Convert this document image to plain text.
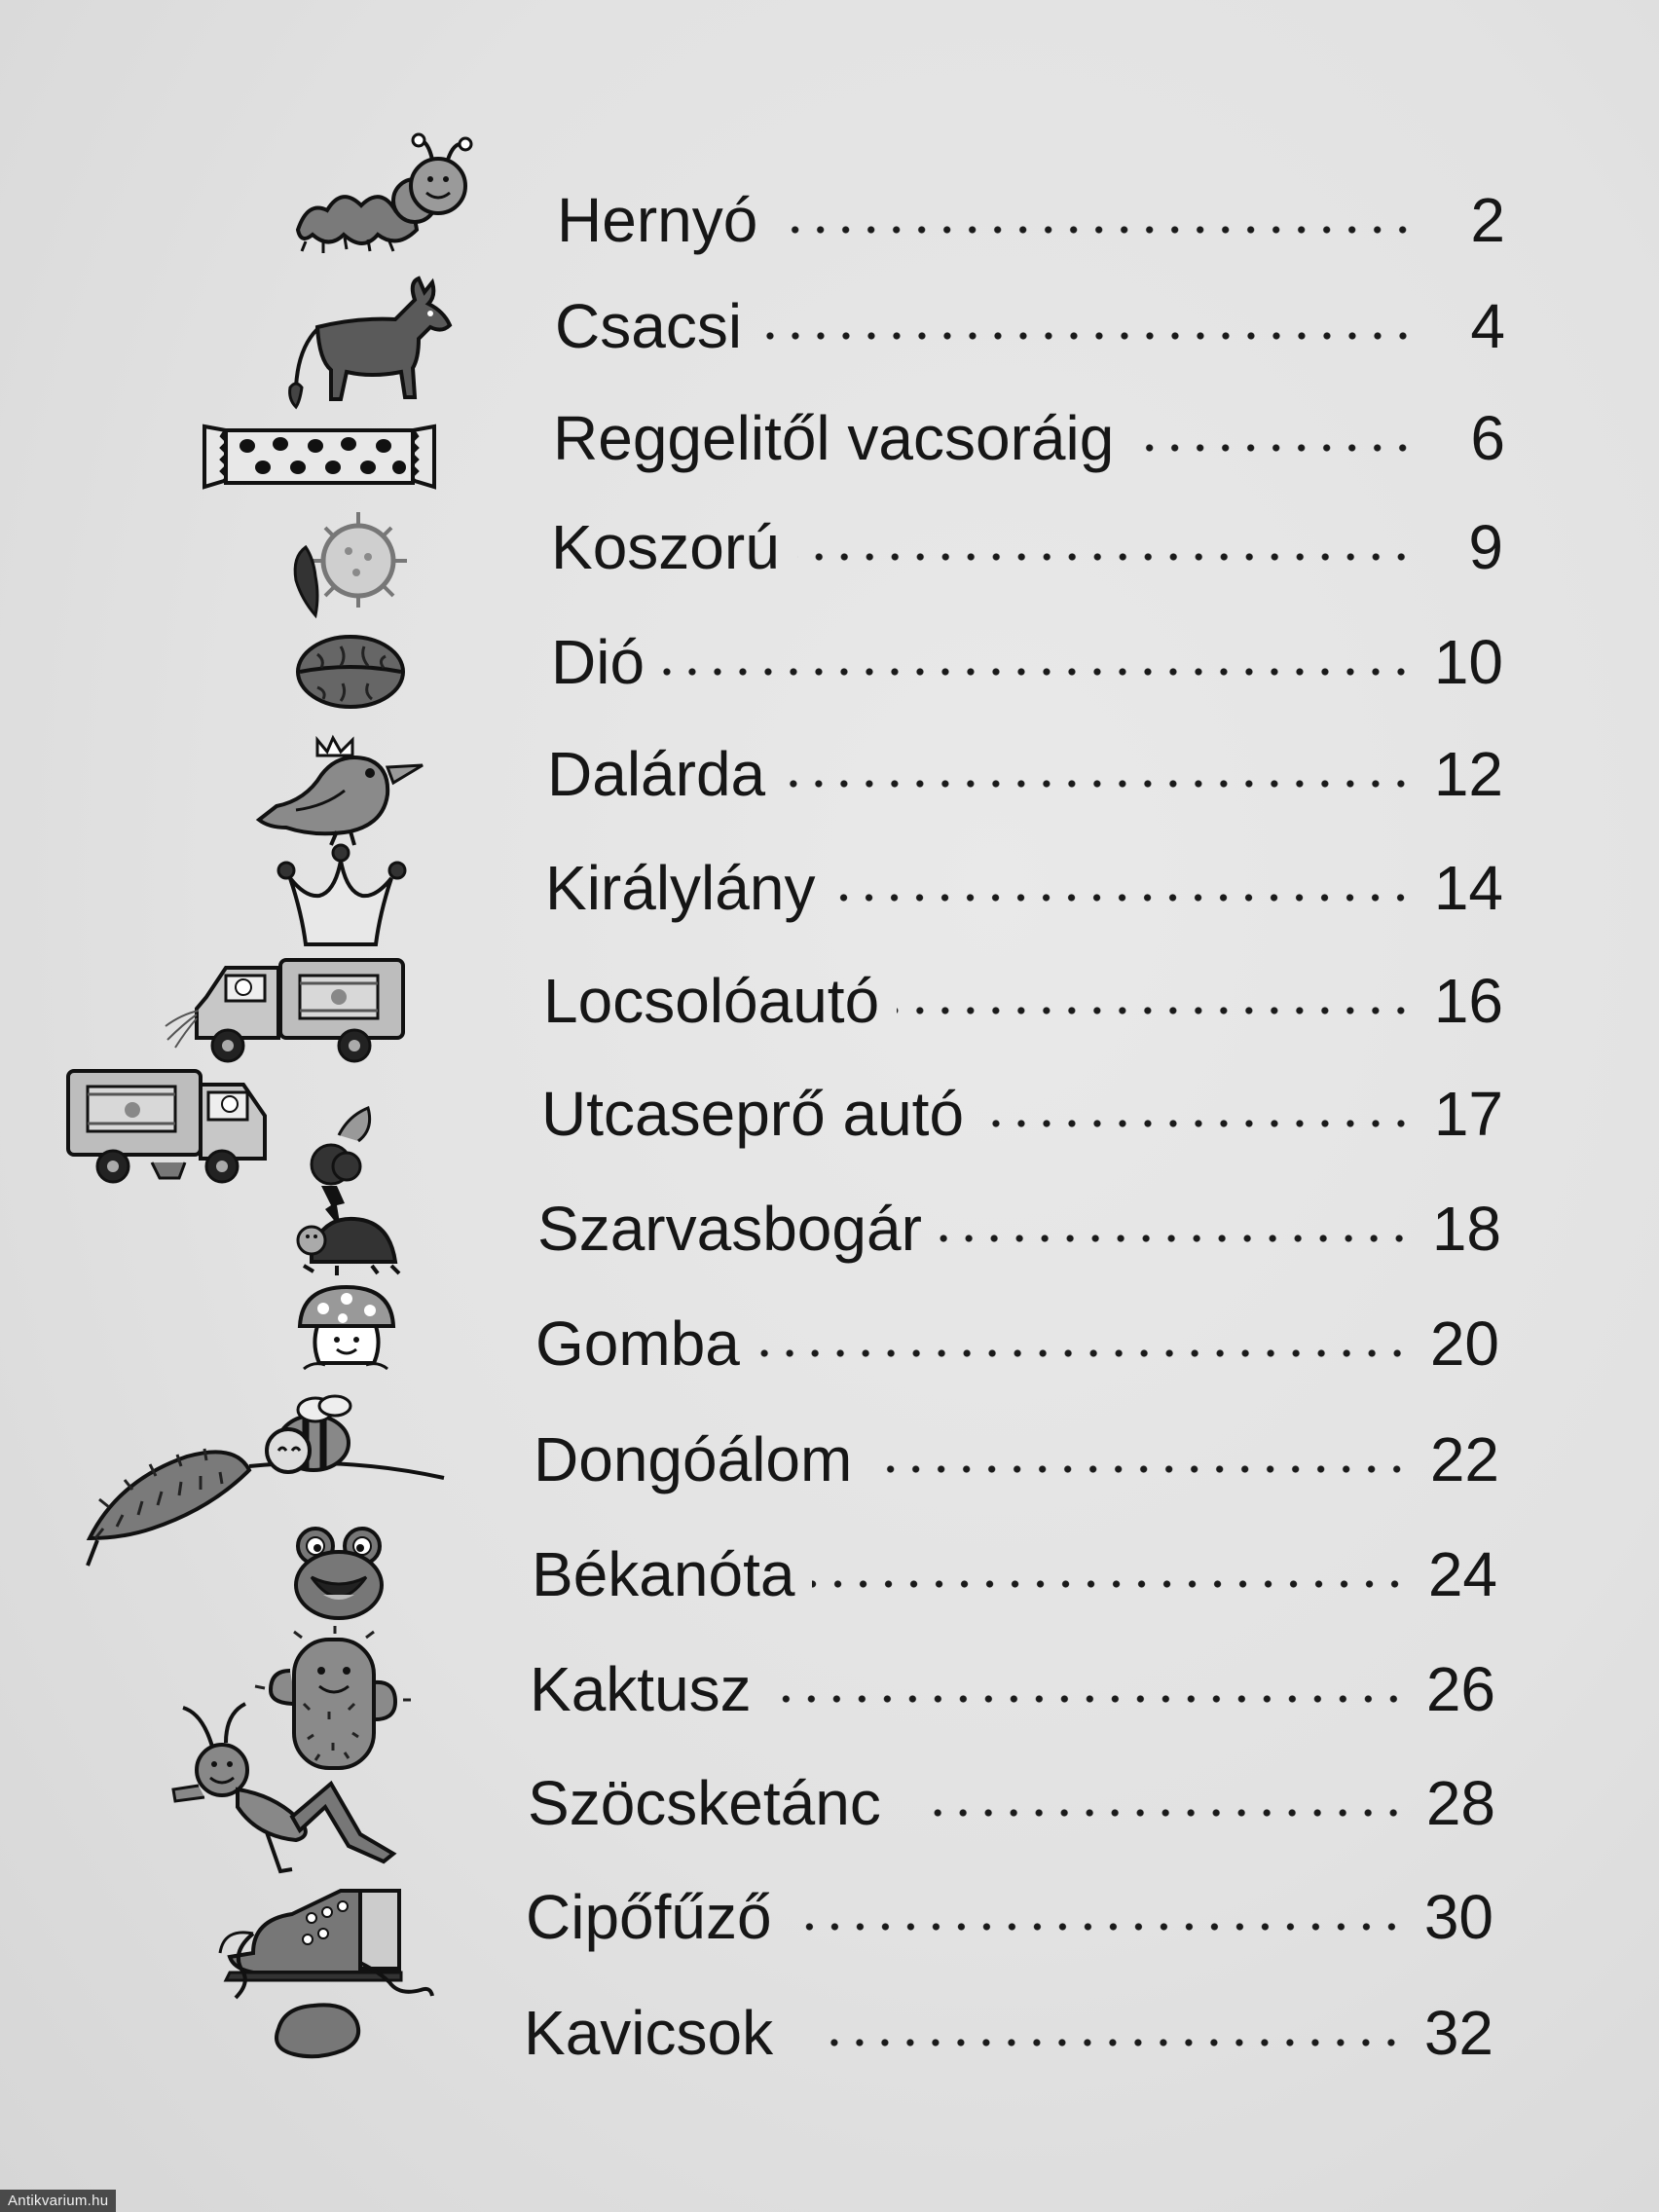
Hernyó	2
Csacsi	4
Reggelitől vacsoráig	6
Koszorú	9
Dió	10
Dalárda	12
Királylány	14
Locsolóautó	16
Utcaseprő autó	17
Szarvasbogár	18
Gomba	20
Dongóálom	22
Békanóta	24
Kaktusz	26
Szöcsketánc	28
Cipőfűző	30
Kavicsok	32
Antikvarium.hu
